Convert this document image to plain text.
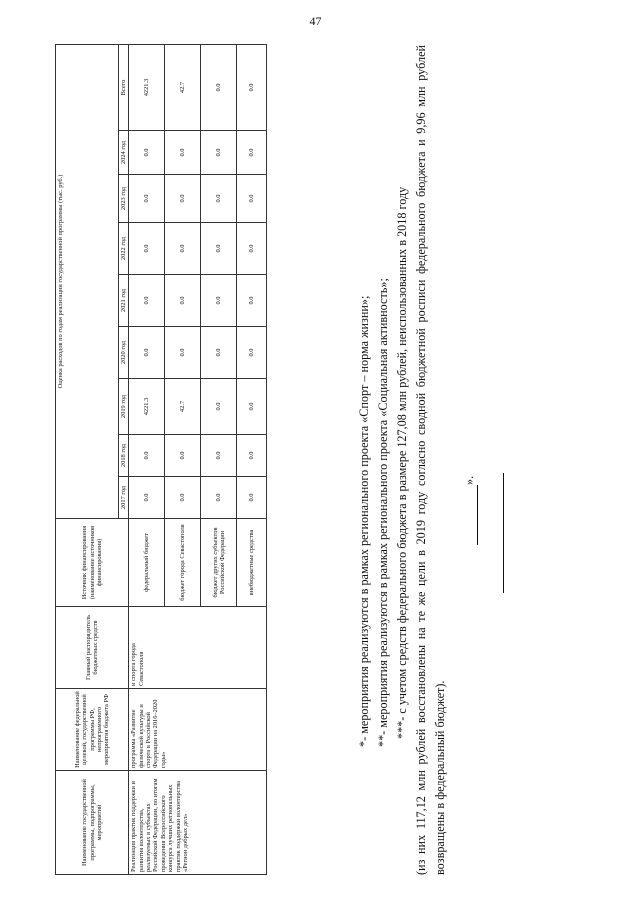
47
Наименование государственной программы, подпрограммы, мероприятий	Наименование федеральной целевой, государственной программы РФ, непрограммного мероприятия бюджета РФ	Главный распорядитель бюджетных средств	Источник финансирования (наименование источников финансирования)	Оценка расходов по годам реализации государственной программы (тыс. руб.)								
				2017 год	2018 год	2019 год	2020 год	2021 год	2022 год	2023 год	2024 год	Всего
Реализация практик поддержки и развития волонтерства, реализуемых в субъектах Российской Федерации, по итогам проведения Всероссийского конкурса лучших региональных практик поддержки волонтерства «Регион добрых дел»	программа «Развитие физической культуры и спорта в Российской Федерации на 2016–2020 годы»	и спорта города Севастополя	федеральный бюджет	0.0	0.0	4221.3	0.0	0.0	0.0	0.0	0.0	4221.3
			бюджет города Севастополя	0.0	0.0	42.7	0.0	0.0	0.0	0.0	0.0	42.7
			бюджет других субъектов Российской Федерации	0.0	0.0	0.0	0.0	0.0	0.0	0.0	0.0	0.0
			внебюджетные средства	0.0	0.0	0.0	0.0	0.0	0.0	0.0	0.0	0.0
*- мероприятия реализуются в рамках регионального проекта «Спорт – норма жизни»; **- мероприятия реализуются в рамках регионального проекта «Социальная активность»; ***- с учетом средств федерального бюджета в размере 127,08 млн рублей, неиспользованных в 2018 году (из них 117,12 млн рублей восстановлены на те же цели в 2019 году согласно сводной бюджетной росписи федерального бюджета и 9,96 млн рублей возвращены в федеральный бюджет).
».
